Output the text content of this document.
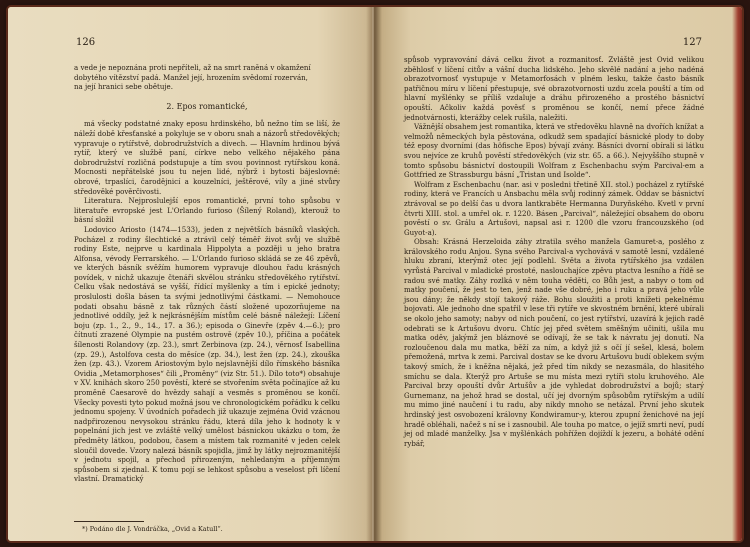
126

a vede je nepoznána proti nepříteli, až na smrt raněná v okamžení

dobytého vítězství padá. Manžel její, hrozením svědomí rozerván,

na její hranici sebe obětuje.

2. Epos romantické,

má všecky podstatné znaky eposu hrdinského, bů nežno tím se liší, že náleží době křesťanské a pokyluje se v oboru snah a názorů středověkých; vypravuje o rytířstvě, dobrodružstvích a divech. — Hlavním hrdinou bývá rytíř, který ve službě paní, církve nebo velkého nějakého pána dobrodružství rozličná podstupuje a tím svou povinnost rytířskou koná. Mocnosti nepřátelské jsou tu nejen lidé, nýbrž i bytosti bájeslovné: obrové, trpaslíci, čarodějnicí a kouzelníci, ještěrové, víly a jiné stvůry středověké pověrčivosti.

Literatura. Nejproslulejší epos romantické, první toho spůsobu v literatuře evropské jest L'Orlando furioso (Šílený Roland), kterouž to básní složil

Lodovico Ariosto (1474—1533), jeden z největších básníků vlaských. Pocházel z rodiny šlechtické a ztrávil celý téměř život svůj ve službě rodiny Este, nejprve u kardinala Hippolyta a později u jeho bratra Alfonsa, vévody Ferrarského. — L'Orlando furioso skládá se ze 46 zpěvů, ve kterých básník svěžím humorem vypravuje dlouhou řadu krásných povídek, v nichž ukazuje čtenáři skvělou stránku středověkého rytířství. Celku však nedostává se vyšší, řídící myšlenky a tím i epické jednoty; proslulosti došla básen ta svými jednotlivými částkami. — Nemohouce podati obsahu básně z tak různých částí složené upozorňujeme na jednotlivé oddíly, jež k nejkrásnějším místům celé básně náležejí: Líčení boju (zp. 1., 2., 9., 14., 17. a 36.); episoda o Ginevře (zpěv 4.—6.); pro čítnutí zrazené Olympie na pustém ostrově (zpěv 10.), příčina a počátek šílenosti Rolandovy (zp. 23.), smrt Zerbinova (zp. 24.), věrnosť Isabellina (zp. 29.), Astolfova cesta do měsíce (zp. 34.), lest žen (zp. 24.), zkouška žen (zp. 43.). Vzorem Ariostovým bylo nejslavnější dílo římského básníka Ovidia „Metamorphoses“ čili „Proměny“ (viz Str. 51.). Dílo toto*) obsahuje v XV. knihách skoro 250 pověstí, které se stvořením světa počínajíce až ku proměně Caesarově do hvězdy sahají a vesměs s proměnou se končí. Všecky povesti tyto pokud možná jsou ve chronologickém pořádku k celku jednomu spojeny. V úvodních pořadech již ukazuje zejména Ovid vzácnou nadpřirozenou nevysokou stránku řádu, která díla jeho k hodnoty k v popelnání jich jest ve zvláště velký umělost básnickou ukázku o tom, že předměty látkou, podobou, časem a místem tak rozmanité v jeden celek sloučil dovede. Vzory nalezá básník spojidla, jimž by látky nejrozmanitější v jednotu spojil, a přechod přirozeným, nehledaným a příjemným spůsobem si zjednal. K tomu pojí se lehkost spůsobu a veselost při líčení vlastní. Dramatický

*) Podáno dle J. Vondráčka, „Ovid a Katull“.
127

spůsob vypravování dává celku život a rozmanitosť. Zvláště jest Ovid velikou zběhlosť v líčení citův a vášní ducha lidského. Jeho skvělé nadání a jeho nadéná obrazotvornosť vystupuje v Metamorfosách v plném lesku, takže často básník patřičnou míru v líčení přestupuje, své obrazotvornosti uzdu zcela pouští a tím od hlavní myšlénky se příliš vzdaluje a dráhu přirozeného a prostého básnictví opouští. Ačkoliv každá pověsť s proměnou se končí, nemí přece žádné jednotvárnosti, kterážby celek rušila, naležiti.

Vážnější obsahem jest romantika, která ve středověku hlavně na dvořích knížat a velmožů německých byla pěstována, odkudž sem spadající básnické plody to doby též eposy dvorními (das höfische Epos) bývají zvány. Básníci dvorní obírali si látku svou nejvíce ze kruhů pověstí středověkých (viz str. 65. a 66.). Nejvyššího stupně v tomto spůsobu básnictví dostoupili Wolfram z Eschenbachu svým Parcival-em a Gottfried ze Strassburgu básní „Tristan und Isolde“.

Wolfram z Eschenbachu (nar. asi v posledni třetině XII. stol.) pocházel z rytířské rodiny, která ve Francích u Ansbachu měla svůj rodinný zámek. Oddav se básnictví ztrávoval se po delší čas u dvora lantkraběte Hermanna Duryňského. Kvetl v první čtvrti XIII. stol. a umřel ok. r. 1220. Básen „Parcival“, náležející obsahem do oboru pověstí o sv. Grálu a Artušovi, napsal asi r. 1200 dle vzoru francouzského (od Guyot-a).

Obsah: Krásná Herzeloida záhy ztratila svého manžela Gamuret-a, poslého z královského rodu Anjou. Syna svého Parcival-a vychovává v samotě lesní, vzdálené hluku zbraní, kterýmž otec její podlehl. Světa a života rytířského jsa vzdálen vyrůstá Parcival v mladické prostoté, naslouchajíce zpěvu ptactva lesního a řídě se radou své matky. Záhy rozlká v něm touha věděti, co Bůh jest, a nabyv o tom od matky poučení, že jest to ten, jenž nade vše dobré, jeho i ruku a pravá jeho vůle jsou dány; že někdy stojí takový ráže. Bohu sloužiti a proti knížeti pekelnému bojovati. Ale jednoho dne spatřil v lese tři rytíře ve skvostném brnění, které ubírali se okolo jeho samoty; nabyv od nich poučení, co jest rytířství, uzavírá k jejich radě odebrati se k Artušovu dvoru. Chtíc jej před světem směšným učiniti, ušila mu matka oděv, jakýmž jen bláznové se odívají, že se tak k návratu jej donutí. Na rozloučenou dala mu matka, běží za ním, a když již s očí jí sešel, klesá, bolem přemožená, mrtva k zemi. Parcival dostav se ke dvoru Artušovu budí oblekem svým takový smích, že i kněžna nějaká, jež před tím nikdy se nezasmála, do hlasitého smíchu se dala. Kterýž pro Artuše se mu místa mezi rytíři stolu kruhového. Ale Parcival brzy opouští dvůr Artušův a jde vyhledat dobrodružství a bojů; starý Gurnemanz, na jehož hrad se dostal, učí jej dvorným spůsobům rytířským a udílí mu mimo jiné naučení i tu radu, aby nikdy mnoho se netázal. První jeho skutek hrdinský jest osvobození královny Kondwiramur-y, kterou zpupní ženichové na její hradě obléhali, načež s ní se i zasnoubil. Ale touha po matce, o jejíž smrti neví, pudí jej od mladé manželky. Jsa v myšlénkách pohřížen dojíždí k jezeru, a boháté odění rybář,
